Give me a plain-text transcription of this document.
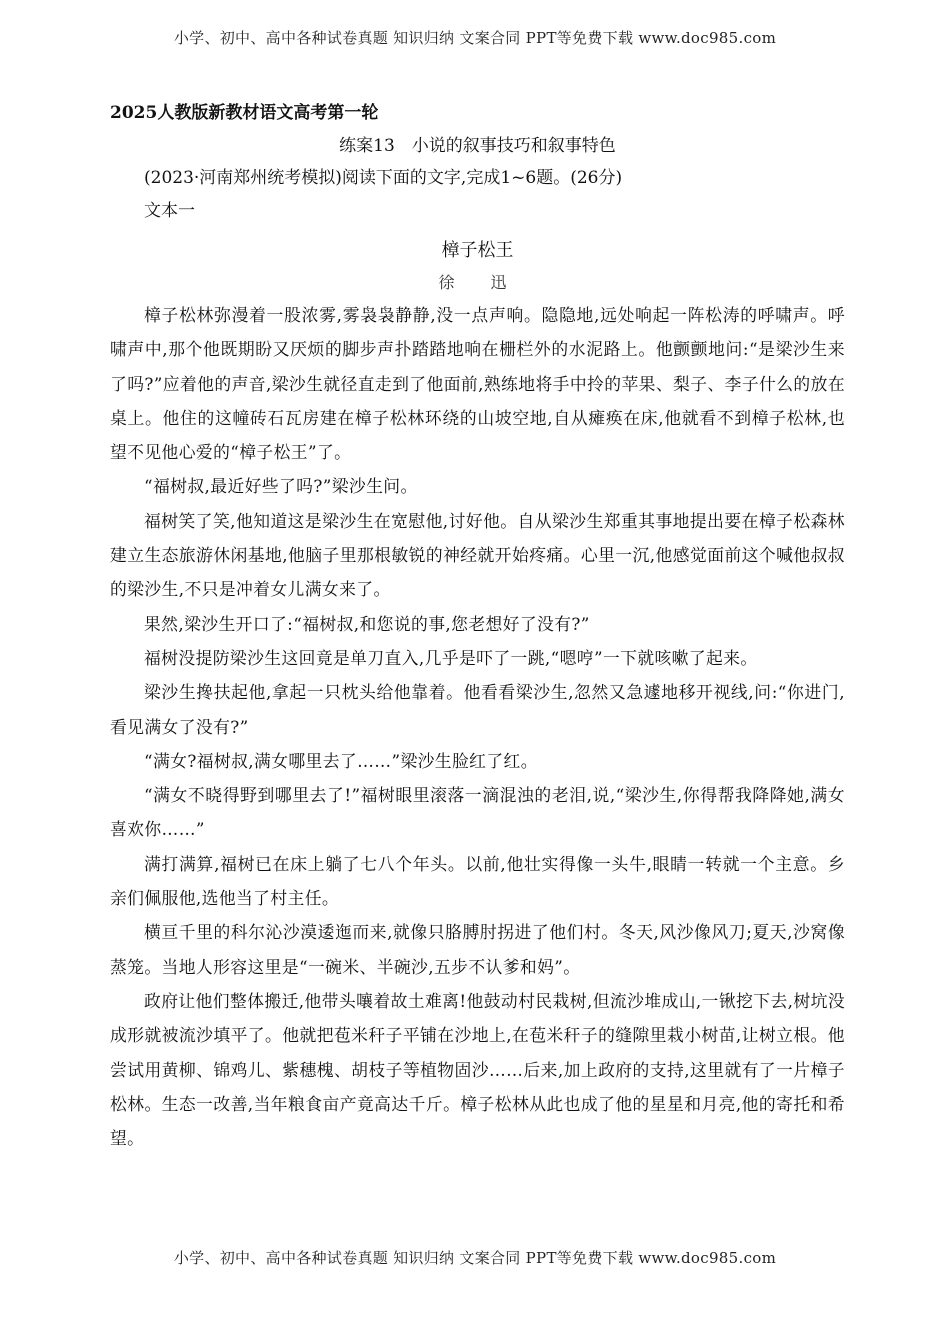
小学、初中、高中各种试卷真题 知识归纳 文案合同 PPT等免费下载 www.doc985.com

2025人教版新教材语文高考第一轮

练案13　小说的叙事技巧和叙事特色

(2023·河南郑州统考模拟)阅读下面的文字,完成1~6题。(26分)

文本一

樟子松王

徐　迅

樟子松林弥漫着一股浓雾,雾袅袅静静,没一点声响。隐隐地,远处响起一阵松涛的呼啸声。呼啸声中,那个他既期盼又厌烦的脚步声扑踏踏地响在栅栏外的水泥路上。他颤颤地问:“是梁沙生来了吗?”应着他的声音,梁沙生就径直走到了他面前,熟练地将手中拎的苹果、梨子、李子什么的放在桌上。他住的这幢砖石瓦房建在樟子松林环绕的山坡空地,自从瘫痪在床,他就看不到樟子松林,也望不见他心爱的“樟子松王”了。

“福树叔,最近好些了吗?”梁沙生问。

福树笑了笑,他知道这是梁沙生在宽慰他,讨好他。自从梁沙生郑重其事地提出要在樟子松森林建立生态旅游休闲基地,他脑子里那根敏锐的神经就开始疼痛。心里一沉,他感觉面前这个喊他叔叔的梁沙生,不只是冲着女儿满女来了。

果然,梁沙生开口了:“福树叔,和您说的事,您老想好了没有?”

福树没提防梁沙生这回竟是单刀直入,几乎是吓了一跳,“嗯哼”一下就咳嗽了起来。

梁沙生搀扶起他,拿起一只枕头给他靠着。他看看梁沙生,忽然又急遽地移开视线,问:“你进门,看见满女了没有?”

“满女?福树叔,满女哪里去了……”梁沙生脸红了红。

“满女不晓得野到哪里去了!”福树眼里滚落一滴混浊的老泪,说,“梁沙生,你得帮我降降她,满女喜欢你……”

满打满算,福树已在床上躺了七八个年头。以前,他壮实得像一头牛,眼睛一转就一个主意。乡亲们佩服他,选他当了村主任。

横亘千里的科尔沁沙漠逶迤而来,就像只胳膊肘拐进了他们村。冬天,风沙像风刀;夏天,沙窝像蒸笼。当地人形容这里是“一碗米、半碗沙,五步不认爹和妈”。

政府让他们整体搬迁,他带头嚷着故土难离!他鼓动村民栽树,但流沙堆成山,一锹挖下去,树坑没成形就被流沙填平了。他就把苞米秆子平铺在沙地上,在苞米秆子的缝隙里栽小树苗,让树立根。他尝试用黄柳、锦鸡儿、紫穗槐、胡枝子等植物固沙……后来,加上政府的支持,这里就有了一片樟子松林。生态一改善,当年粮食亩产竟高达千斤。樟子松林从此也成了他的星星和月亮,他的寄托和希望。

小学、初中、高中各种试卷真题 知识归纳 文案合同 PPT等免费下载 www.doc985.com
